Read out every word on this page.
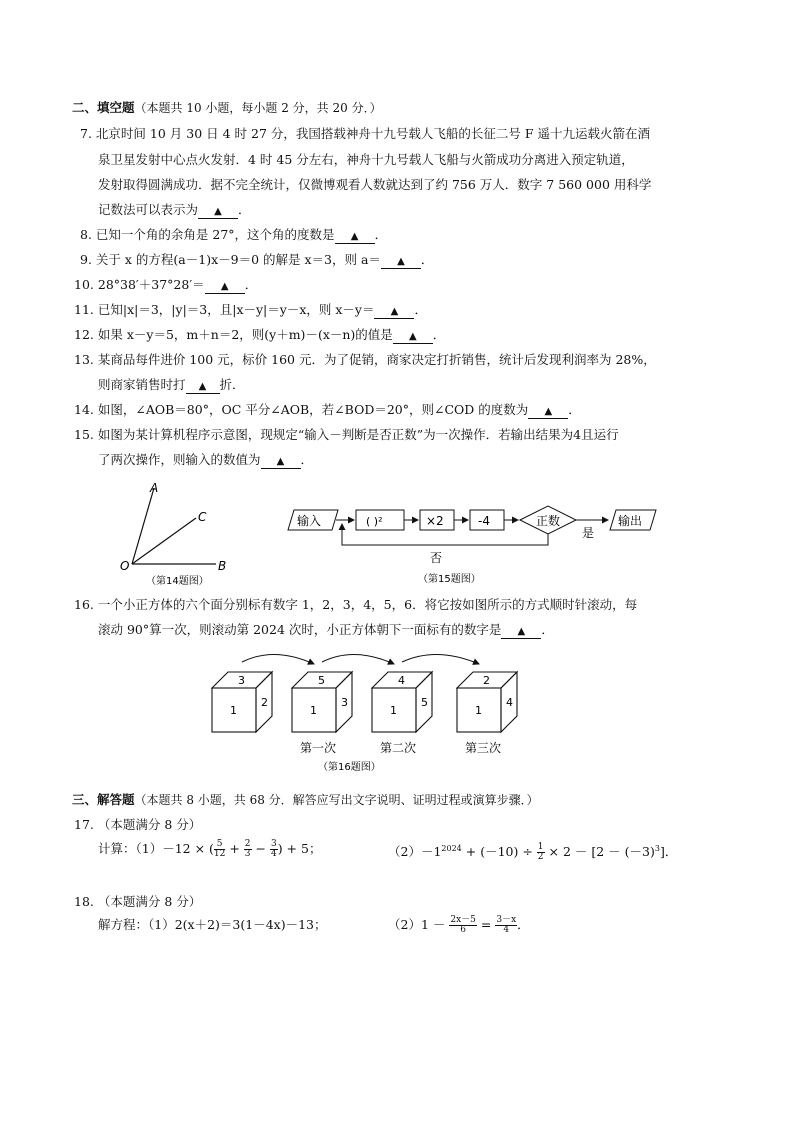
二、填空题（本题共 10 小题，每小题 2 分，共 20 分．）
7. 北京时间 10 月 30 日 4 时 27 分，我国搭载神舟十九号载人飞船的长征二号 F 遥十九运载火箭在酒
泉卫星发射中心点火发射．4 时 45 分左右，神舟十九号载人飞船与火箭成功分离进入预定轨道，
发射取得圆满成功．据不完全统计，仅微博观看人数就达到了约 756 万人．数字 7 560 000 用科学
记数法可以表示为 ▲ ．
8. 已知一个角的余角是 27°，这个角的度数是 ▲ ．
9. 关于 x 的方程(a－1)x－9＝0 的解是 x＝3，则 a＝ ▲ ．
10. 28°38′＋37°28′＝ ▲ ．
11. 已知|x|＝3，|y|＝3，且|x－y|＝y－x，则 x－y＝ ▲ ．
12. 如果 x－y＝5，m＋n＝2，则(y＋m)－(x－n)的值是 ▲ ．
13. 某商品每件进价 100 元，标价 160 元．为了促销，商家决定打折销售，统计后发现利润率为 28%，
则商家销售时打 ▲ 折．
14. 如图，∠AOB＝80°，OC 平分∠AOB，若∠BOD＝20°，则∠COD 的度数为 ▲ ．
15. 如图为某计算机程序示意图，现规定“输入－判断是否正数”为一次操作．若输出结果为4且运行
了两次操作，则输入的数值为 ▲ ．
A
C
O	B
（第14题图）
输入	( )²	×2	-4	正数
是
输出
否
（第15题图）
16. 一个小正方体的六个面分别标有数字 1，2，3，4，5，6．将它按如图所示的方式顺时针滚动，每
滚动 90°算一次，则滚动第 2024 次时，小正方体朝下一面标有的数字是 ▲ ．
3
1
2
5
1
3
第一次
4
1
5
第二次
2
1
4
第三次
（第16题图）
三、解答题（本题共 8 小题，共 68 分．解答应写出文字说明、证明过程或演算步骤．）
17. （本题满分 8 分）
计算：（1）－12 × ( $\frac{5}{12} + \frac{2}{3} - \frac{3}{4}$ ) + 5；	$(2)-1^{2024} + (-10) \div \frac{1}{2} \times 2 - [2 - (-3)^3]$．
18. （本题满分 8 分）
解方程：（1）2(x＋2)＝3(1－4x)－13；	$(2)1 - \frac{2x-5}{6} = \frac{3-x}{4}$ ．
